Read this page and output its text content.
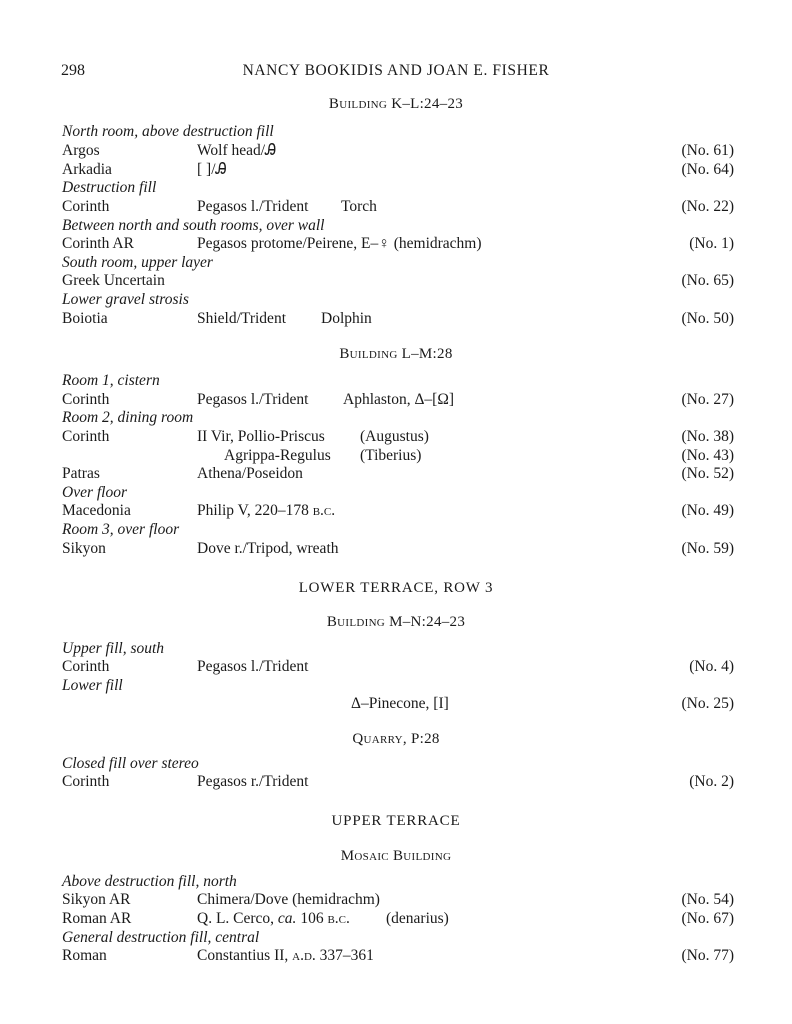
298	NANCY BOOKIDIS AND JOAN E. FISHER
Building K–L:24–23
North room, above destruction fill
Argos	Wolf head/Ꭿ	(No. 61)
Arkadia	[ ]/Ꭿ	(No. 64)
Destruction fill
Corinth	Pegasos l./Trident Torch	(No. 22)
Between north and south rooms, over wall
Corinth AR	Pegasos protome/Peirene, E–♀ (hemidrachm)	(No. 1)
South room, upper layer
Greek Uncertain	(No. 65)
Lower gravel strosis
Boiotia	Shield/Trident Dolphin	(No. 50)
Building L–M:28
Room 1, cistern
Corinth	Pegasos l./Trident Aphlaston, Δ–[Ω]	(No. 27)
Room 2, dining room
Corinth	II Vir, Pollio-Priscus (Augustus)	(No. 38)
Agrippa-Regulus (Tiberius)	(No. 43)
Patras	Athena/Poseidon	(No. 52)
Over floor
Macedonia	Philip V, 220–178 b.c.	(No. 49)
Room 3, over floor
Sikyon	Dove r./Tripod, wreath	(No. 59)
LOWER TERRACE, ROW 3
Building M–N:24–23
Upper fill, south
Corinth	Pegasos l./Trident	(No. 4)
Lower fill
Δ–Pinecone, [I]	(No. 25)
Quarry, P:28
Closed fill over stereo
Corinth	Pegasos r./Trident	(No. 2)
UPPER TERRACE
Mosaic Building
Above destruction fill, north
Sikyon AR	Chimera/Dove (hemidrachm)	(No. 54)
Roman AR	Q. L. Cerco, ca. 106 b.c. (denarius)	(No. 67)
General destruction fill, central
Roman	Constantius II, a.d. 337–361	(No. 77)
